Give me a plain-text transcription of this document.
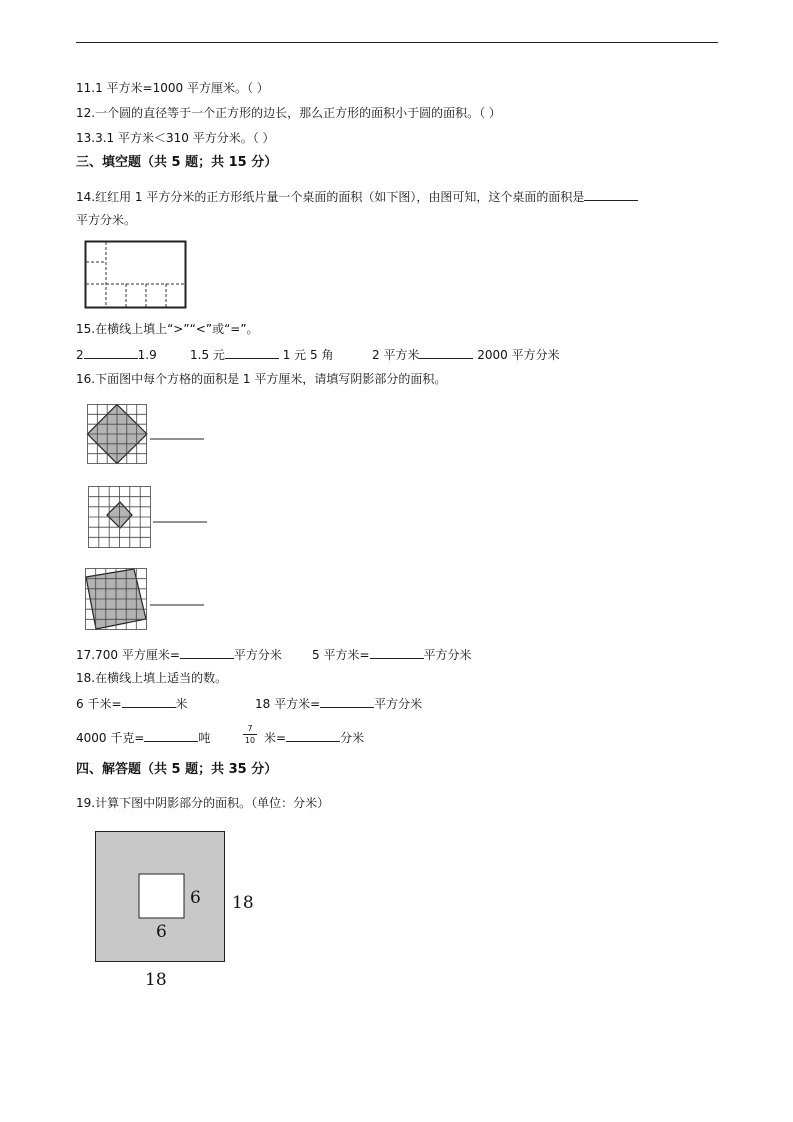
11.1 平方米=1000 平方厘米。（ ）
12.一个圆的直径等于一个正方形的边长，那么正方形的面积小于圆的面积。（ ）
13.3.1 平方米＜310 平方分米。（ ）
三、填空题（共 5 题；共 15 分）
14.红红用 1 平方分米的正方形纸片量一个桌面的面积（如下图），由图可知，这个桌面的面积是
平方分米。
15.在横线上填上“>”“<”或“=”。
2	1.9	1.5 元	1 元 5 角	2 平方米	2000 平方分米
16.下面图中每个方格的面积是 1 平方厘米，请填写阴影部分的面积。
17.700 平方厘米=	平方分米	5 平方米=	平方分米
18.在横线上填上适当的数。
6 千米=	米	18 平方米=	平方分米
4000 千克=	吨
7
10 米=	分米
四、解答题（共 5 题；共 35 分）
19.计算下图中阴影部分的面积。（单位：分米）
6
6
18
18
